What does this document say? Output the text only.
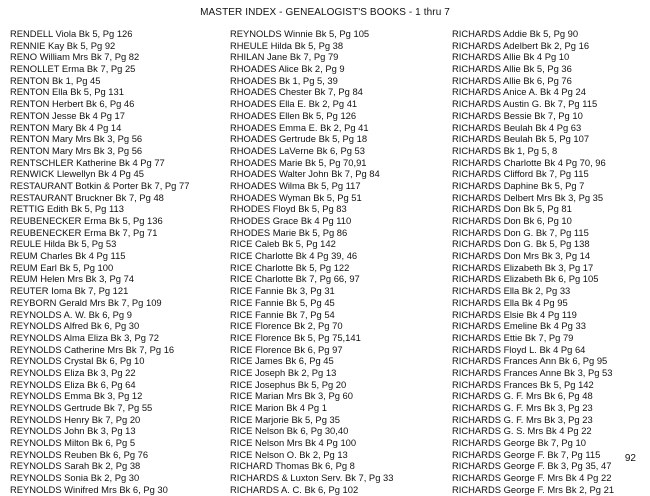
MASTER INDEX - GENEALOGIST'S BOOKS - 1 thru 7
RENDELL Viola Bk 5, Pg 126
RENNIE Kay Bk 5, Pg 92
RENO William Mrs Bk 7, Pg 82
RENOLLET Erma Bk 7, Pg 25
RENTON Bk 1, Pg 45
RENTON Ella Bk 5, Pg 131
RENTON Herbert Bk 6, Pg 46
RENTON Jesse Bk 4 Pg 17
RENTON Mary Bk 4 Pg 14
RENTON Mary Mrs Bk 3, Pg 56
RENTON Mary Mrs Bk 3, Pg 56
RENTSCHLER Katherine Bk 4 Pg 77
RENWICK Llewellyn Bk 4 Pg 45
RESTAURANT Botkin & Porter Bk 7, Pg 77
RESTAURANT Bruckner Bk 7, Pg 48
RETTIG Edith Bk 5, Pg 113
REUBENECKER Erma Bk 5, Pg 136
REUBENECKER Erma Bk 7, Pg 71
REULE Hilda Bk 5, Pg 53
REUM Charles Bk 4 Pg 115
REUM Earl Bk 5, Pg 100
REUM Helen Mrs Bk 3, Pg 74
REUTER Ioma Bk 7, Pg 121
REYBORN Gerald Mrs Bk 7, Pg 109
REYNOLDS A. W. Bk 6, Pg 9
REYNOLDS Alfred Bk 6, Pg 30
REYNOLDS Alma Eliza Bk 3, Pg 72
REYNOLDS Catherine Mrs Bk 7, Pg 16
REYNOLDS Crystal Bk 6, Pg 10
REYNOLDS Eliza Bk 3, Pg 22
REYNOLDS Eliza Bk 6, Pg 64
REYNOLDS Emma Bk 3, Pg 12
REYNOLDS Gertrude Bk 7, Pg 55
REYNOLDS Henry Bk 7, Pg 20
REYNOLDS John Bk 3, Pg 13
REYNOLDS Milton Bk 6, Pg 5
REYNOLDS Reuben Bk 6, Pg 76
REYNOLDS Sarah Bk 2, Pg 38
REYNOLDS Sonia Bk 2, Pg 30
REYNOLDS Winifred Mrs Bk 6, Pg 30
REYNOLDS Winnie Bk 5, Pg 105
RHEULE Hilda Bk 5, Pg 38
RHILAN Jane Bk 7, Pg 79
RHOADES Alice Bk 2, Pg 9
RHOADES Bk 1, Pg 5, 39
RHOADES Chester Bk 7, Pg 84
RHOADES Ella E. Bk 2, Pg 41
RHOADES Ellen Bk 5, Pg 126
RHOADES Emma E. Bk 2, Pg 41
RHOADES Gertrude Bk 5, Pg 18
RHOADES LaVerne Bk 6, Pg 53
RHOADES Marie Bk 5, Pg 70,91
RHOADES Walter John Bk 7, Pg 84
RHOADES Wilma Bk 5, Pg 117
RHOADES Wyman Bk 5, Pg 51
RHODES Floyd Bk 5, Pg 83
RHODES Grace Bk 4 Pg 110
RHODES Marie Bk 5, Pg 86
RICE Caleb Bk 5, Pg 142
RICE Charlotte Bk 4 Pg 39, 46
RICE Charlotte Bk 5, Pg 122
RICE Charlotte Bk 7, Pg 66, 97
RICE Fannie Bk 3, Pg 31
RICE Fannie Bk 5, Pg 45
RICE Fannie Bk 7, Pg 54
RICE Florence Bk 2, Pg 70
RICE Florence Bk 5, Pg 75,141
RICE Florence Bk 6, Pg 97
RICE James Bk 6, Pg 45
RICE Joseph Bk 2, Pg 13
RICE Josephus Bk 5, Pg 20
RICE Marian Mrs Bk 3, Pg 60
RICE Marion Bk 4 Pg 1
RICE Marjorie Bk 5, Pg 35
RICE Nelson Bk 6, Pg 30,40
RICE Nelson Mrs Bk 4 Pg 100
RICE Nelson O. Bk 2, Pg 13
RICHARD Thomas Bk 6, Pg 8
RICHARDS & Luxton Serv. Bk 7, Pg 33
RICHARDS A. C. Bk 6, Pg 102
RICHARDS Addie Bk 5, Pg 90
RICHARDS Adelbert Bk 2, Pg 16
RICHARDS Allie Bk 4 Pg 10
RICHARDS Allie Bk 5, Pg 36
RICHARDS Allie Bk 6, Pg 76
RICHARDS Anice A. Bk 4 Pg 24
RICHARDS Austin G. Bk 7, Pg 115
RICHARDS Bessie Bk 7, Pg 10
RICHARDS Beulah Bk 4 Pg 63
RICHARDS Beulah Bk 5, Pg 107
RICHARDS Bk 1, Pg 5, 8
RICHARDS Charlotte Bk 4 Pg 70, 96
RICHARDS Clifford Bk 7, Pg 115
RICHARDS Daphine Bk 5, Pg 7
RICHARDS Delbert Mrs Bk 3, Pg 35
RICHARDS Don Bk 5, Pg 81
RICHARDS Don Bk 6, Pg 10
RICHARDS Don G. Bk 7, Pg 115
RICHARDS Don G. Bk 5, Pg 138
RICHARDS Don Mrs Bk 3, Pg 14
RICHARDS Elizabeth Bk 3, Pg 17
RICHARDS Elizabeth Bk 6, Pg 105
RICHARDS Ella Bk 2, Pg 33
RICHARDS Ella Bk 4 Pg 95
RICHARDS Elsie Bk 4 Pg 119
RICHARDS Emeline Bk 4 Pg 33
RICHARDS Ettie Bk 7, Pg 79
RICHARDS Floyd L. Bk 4 Pg 64
RICHARDS Frances Ann Bk 6, Pg 95
RICHARDS Frances Anne Bk 3, Pg 53
RICHARDS Frances Bk 5, Pg 142
RICHARDS G. F. Mrs Bk 6, Pg 48
RICHARDS G. F. Mrs Bk 3, Pg 23
RICHARDS G. F. Mrs Bk 3, Pg 23
RICHARDS G. S. Mrs Bk 4 Pg 22
RICHARDS George Bk 7, Pg 10
RICHARDS George F. Bk 7, Pg 115
RICHARDS George F. Bk 3, Pg 35, 47
RICHARDS George F. Mrs Bk 4 Pg 22
RICHARDS George F. Mrs Bk 2, Pg 21
92
